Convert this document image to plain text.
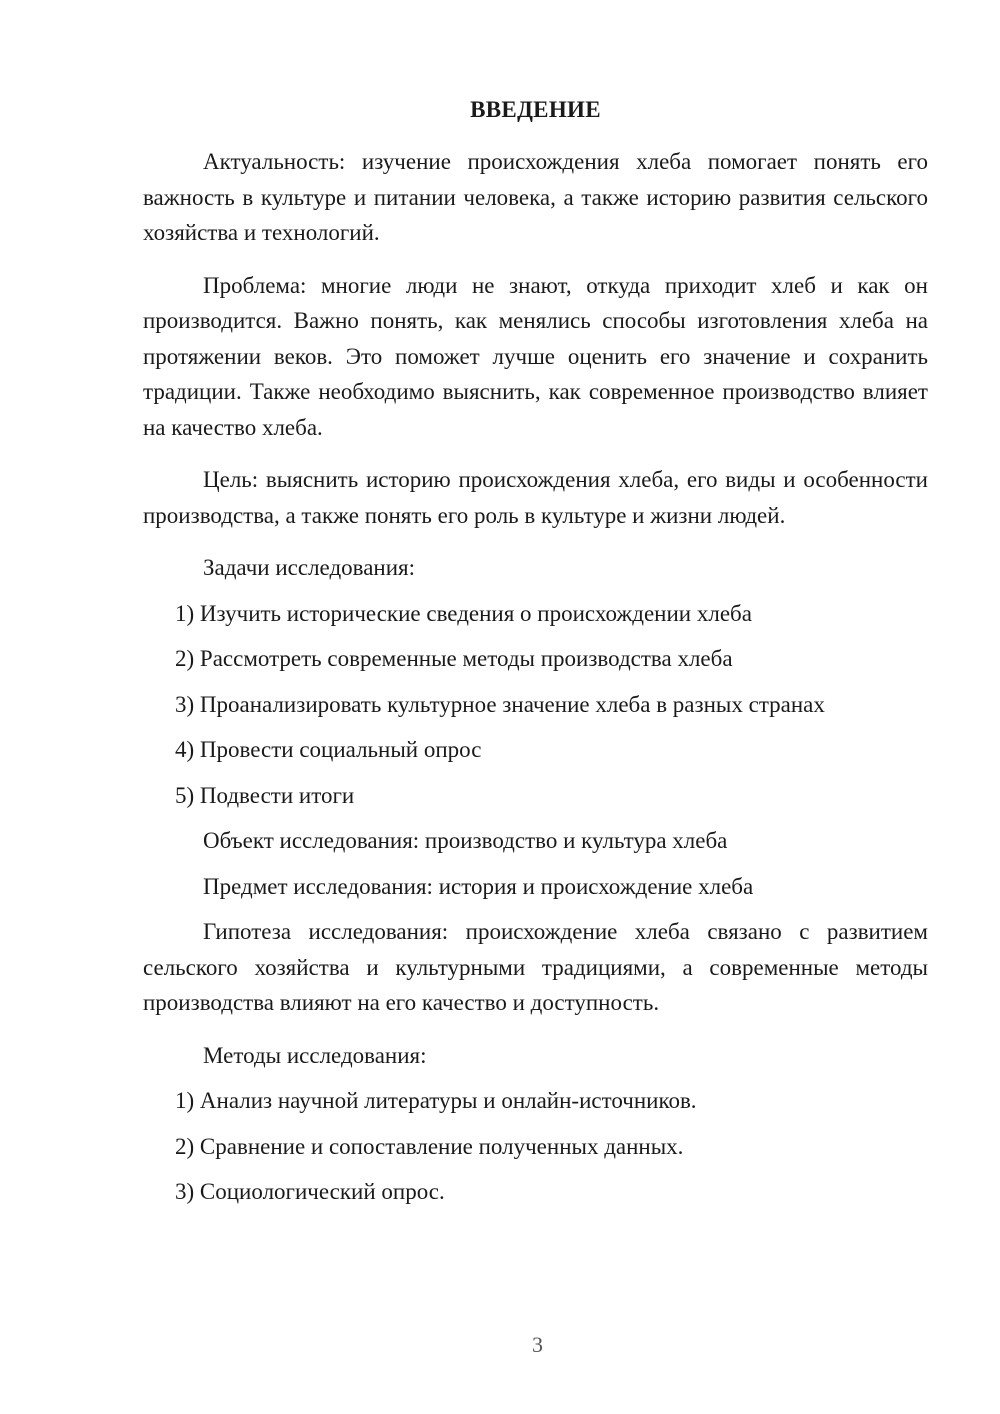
ВВЕДЕНИЕ

Актуальность: изучение происхождения хлеба помогает понять его важность в культуре и питании человека, а также историю развития сельского хозяйства и технологий.

Проблема: многие люди не знают, откуда приходит хлеб и как он производится. Важно понять, как менялись способы изготовления хлеба на протяжении веков. Это поможет лучше оценить его значение и сохранить традиции. Также необходимо выяснить, как современное производство влияет на качество хлеба.

Цель: выяснить историю происхождения хлеба, его виды и особенности производства, а также понять его роль в культуре и жизни людей.

Задачи исследования:

1) Изучить исторические сведения о происхождении хлеба
2) Рассмотреть современные методы производства хлеба
3) Проанализировать культурное значение хлеба в разных странах
4) Провести социальный опрос
5) Подвести итоги

Объект исследования: производство и культура хлеба

Предмет исследования: история и происхождение хлеба

Гипотеза исследования: происхождение хлеба связано с развитием сельского хозяйства и культурными традициями, а современные методы производства влияют на его качество и доступность.

Методы исследования:

1) Анализ научной литературы и онлайн-источников.
2) Сравнение и сопоставление полученных данных.
3) Социологический опрос.
3
